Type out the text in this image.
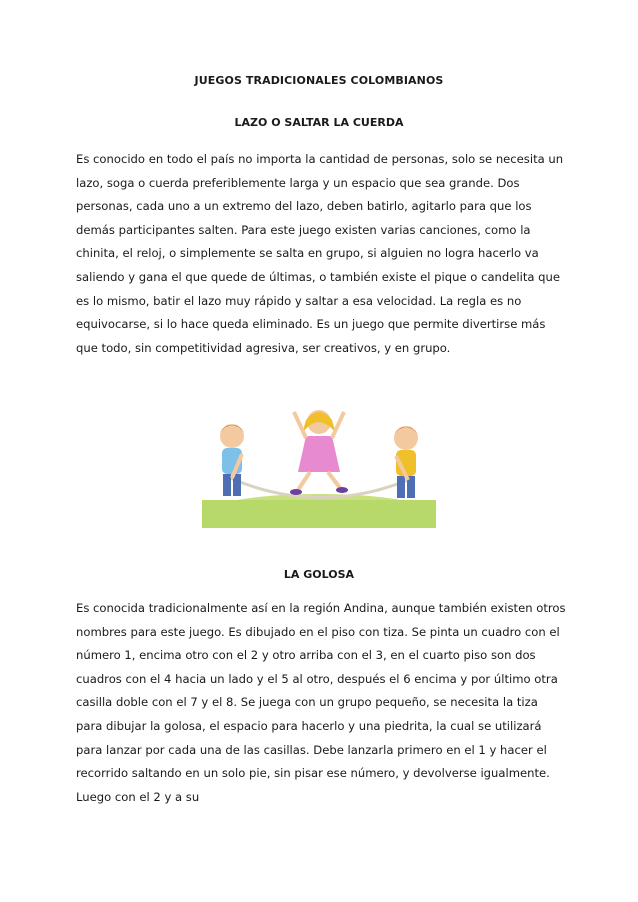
JUEGOS TRADICIONALES COLOMBIANOS
LAZO O SALTAR LA CUERDA

Es conocido en todo el país no importa la cantidad de personas, solo se necesita un lazo, soga o cuerda preferiblemente larga y un espacio que sea grande. Dos personas, cada uno a un extremo del lazo, deben batirlo, agitarlo para que los demás participantes salten. Para este juego existen varias canciones, como la chinita, el reloj, o simplemente se salta en grupo, si alguien no logra hacerlo va saliendo y gana el que quede de últimas, o también existe el pique o candelita que es lo mismo, batir el lazo muy rápido y saltar a esa velocidad. La regla es no equivocarse, si lo hace queda eliminado. Es un juego que permite divertirse más que todo, sin competitividad agresiva, ser creativos, y en grupo.

LA GOLOSA

Es conocida tradicionalmente así en la región Andina, aunque también existen otros nombres para este juego. Es dibujado en el piso con tiza. Se pinta un cuadro con el número 1, encima otro con el 2 y otro arriba con el 3, en el cuarto piso son dos cuadros con el 4 hacia un lado y el 5 al otro, después el 6 encima y por último otra casilla doble con el 7 y el 8. Se juega con un grupo pequeño, se necesita la tiza para dibujar la golosa, el espacio para hacerlo y una piedrita, la cual se utilizará para lanzar por cada una de las casillas. Debe lanzarla primero en el 1 y hacer el recorrido saltando en un solo pie, sin pisar ese número, y devolverse igualmente. Luego con el 2 y a su
